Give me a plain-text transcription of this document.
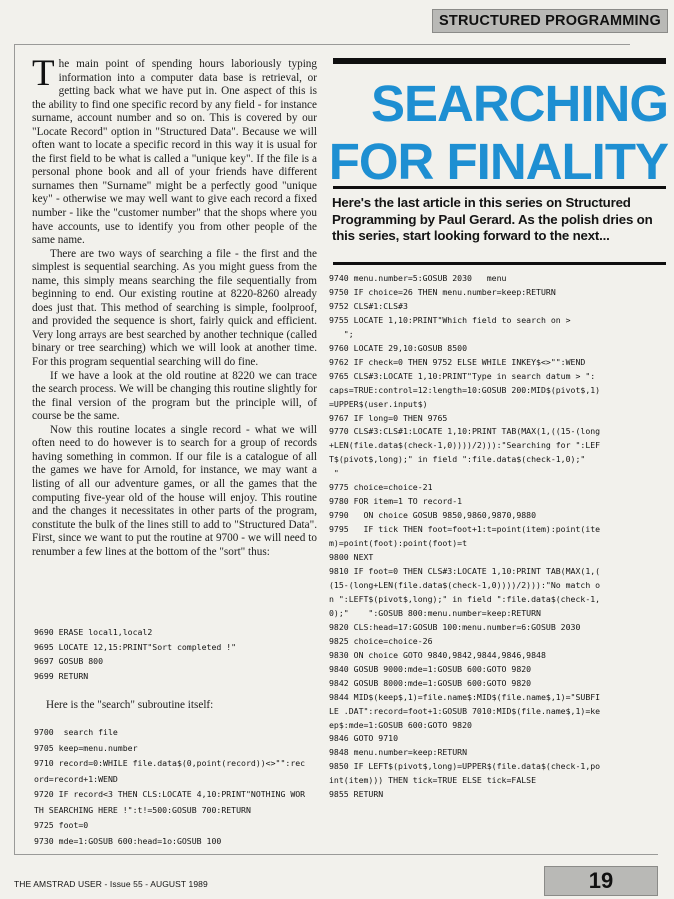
STRUCTURED PROGRAMMING
SEARCHING
FOR FINALITY
Here's the last article in this series on Structured Programming by Paul Gerard. As the polish dries on this series, start looking forward to the next...

The main point of spending hours laboriously typing information into a computer data base is retrieval, or getting back what we have put in. One aspect of this is the ability to find one specific record by any field - for instance surname, account number and so on. This is covered by our "Locate Record" option in "Structured Data". Because we will often want to locate a specific record in this way it is usual for the first field to be what is called a "unique key". If the file is a personal phone book and all of your friends have different surnames then "Surname" might be a perfectly good "unique key" - otherwise we may well want to give each record a fixed number - like the "customer number" that the shops where you have accounts, use to identify you from other people of the same name.

There are two ways of searching a file - the first and the simplest is sequential searching. As you might guess from the name, this simply means searching the file sequentially from beginning to end. Our existing routine at 8220-8260 already does just that. This method of searching is simple, foolproof, and provided the sequence is short, fairly quick and efficient. Very long arrays are best searched by another technique (called binary or tree searching) which we will look at another time. For this program sequential searching will do fine.

If we have a look at the old routine at 8220 we can trace the search process. We will be changing this routine slightly for the final version of the program but the principle will, of course be the same.

Now this routine locates a single record - what we will often need to do however is to search for a group of records having something in common. If our file is a catalogue of all the games we have for Arnold, for instance, we may want a listing of all our adventure games, or all the games that the computing five-year old of the house will enjoy. This routine and the changes it necessitates in other parts of the program, constitute the bulk of the lines still to add to "Structured Data". First, since we want to put the routine at 9700 - we will need to renumber a few lines at the bottom of the "sort" thus:

9690 ERASE local1,local2
9695 LOCATE 12,15:PRINT"Sort completed !"
9697 GOSUB 800
9699 RETURN
Here is the "search" subroutine itself:
9700  search file
9705 keep=menu.number
9710 record=0:WHILE file.data$(0,point(record))<>"":rec
ord=record+1:WEND
9720 IF record<3 THEN CLS:LOCATE 4,10:PRINT"NOTHING WOR
TH SEARCHING HERE !":t!=500:GOSUB 700:RETURN
9725 foot=0
9730 mde=1:GOSUB 600:head=1o:GOSUB 100
9740 menu.number=5:GOSUB 2030   menu
9750 IF choice=26 THEN menu.number=keep:RETURN
9752 CLS#1:CLS#3
9755 LOCATE 1,10:PRINT"Which field to search on >
";
9760 LOCATE 29,10:GOSUB 8500
9762 IF check=0 THEN 9752 ELSE WHILE INKEY$<>"":WEND
9765 CLS#3:LOCATE 1,10:PRINT"Type in search datum > ":
caps=TRUE:control=12:length=10:GOSUB 200:MID$(pivot$,1)
=UPPER$(user.input$)
9767 IF long=0 THEN 9765
9770 CLS#3:CLS#1:LOCATE 1,10:PRINT TAB(MAX(1,((15-(long
+LEN(file.data$(check-1,0))))/2))):"Searching for ":LEF
T$(pivot$,long);" in field ":file.data$(check-1,0);"
"
9775 choice=choice-21
9780 FOR item=1 TO record-1
9790   ON choice GOSUB 9850,9860,9870,9880
9795   IF tick THEN foot=foot+1:t=point(item):point(ite
m)=point(foot):point(foot)=t
9800 NEXT
9810 IF foot=0 THEN CLS#3:LOCATE 1,10:PRINT TAB(MAX(1,(
(15-(long+LEN(file.data$(check-1,0))))/2))):"No match o
n ":LEFT$(pivot$,long);" in field ":file.data$(check-1,
0);"    ":GOSUB 800:menu.number=keep:RETURN
9820 CLS:head=17:GOSUB 100:menu.number=6:GOSUB 2030
9825 choice=choice-26
9830 ON choice GOTO 9840,9842,9844,9846,9848
9840 GOSUB 9000:mde=1:GOSUB 600:GOTO 9820
9842 GOSUB 8000:mde=1:GOSUB 600:GOTO 9820
9844 MID$(keep$,1)=file.name$:MID$(file.name$,1)="SUBFI
LE .DAT":record=foot+1:GOSUB 7010:MID$(file.name$,1)=ke
ep$:mde=1:GOSUB 600:GOTO 9820
9846 GOTO 9710
9848 menu.number=keep:RETURN
9850 IF LEFT$(pivot$,long)=UPPER$(file.data$(check-1,po
int(item))) THEN tick=TRUE ELSE tick=FALSE
9855 RETURN
THE AMSTRAD USER - Issue 55 - AUGUST 1989	19
